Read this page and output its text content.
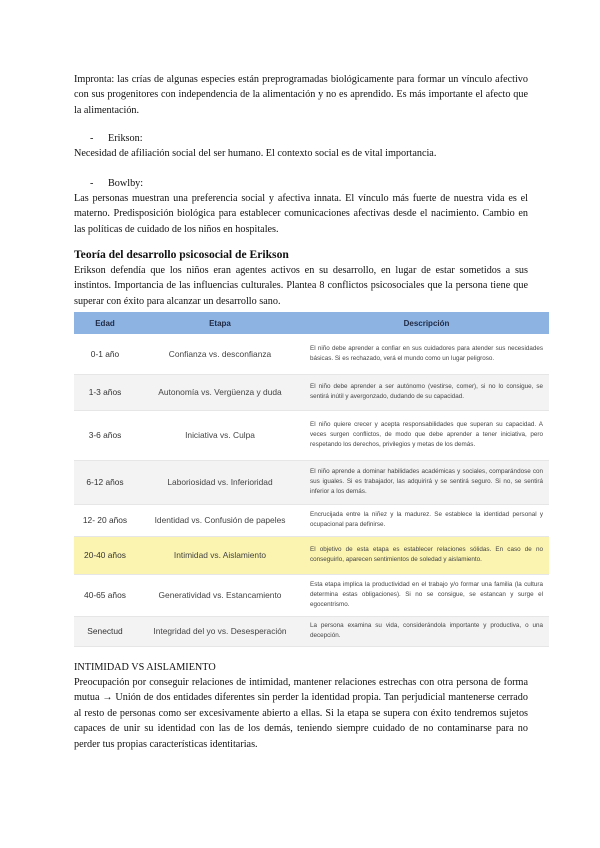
Impronta: las crías de algunas especies están preprogramadas biológicamente para formar un vínculo afectivo con sus progenitores con independencia de la alimentación y no es aprendido. Es más importante el afecto que la alimentación.

- Erikson:

Necesidad de afiliación social del ser humano. El contexto social es de vital importancia.

- Bowlby:

Las personas muestran una preferencia social y afectiva innata. El vínculo más fuerte de nuestra vida es el materno. Predisposición biológica para establecer comunicaciones afectivas desde el nacimiento. Cambio en las políticas de cuidado de los niños en hospitales.

Teoría del desarrollo psicosocial de Erikson

Erikson defendía que los niños eran agentes activos en su desarrollo, en lugar de estar sometidos a sus instintos. Importancia de las influencias culturales. Plantea 8 conflictos psicosociales que la persona tiene que superar con éxito para alcanzar un desarrollo sano.

Edad	Etapa	Descripción
0-1 año	Confianza vs. desconfianza	El niño debe aprender a confiar en sus cuidadores para atender sus necesidades básicas. Si es rechazado, verá el mundo como un lugar peligroso.
1-3 años	Autonomía vs. Vergüenza y duda	El niño debe aprender a ser autónomo (vestirse, comer), si no lo consigue, se sentirá inútil y avergonzado, dudando de su capacidad.
3-6 años	Iniciativa vs. Culpa	El niño quiere crecer y acepta responsabilidades que superan su capacidad. A veces surgen conflictos, de modo que debe aprender a tener iniciativa, pero respetando los derechos, privilegios y metas de los demás.
6-12 años	Laboriosidad vs. Inferioridad	El niño aprende a dominar habilidades académicas y sociales, comparándose con sus iguales. Si es trabajador, las adquirirá y se sentirá seguro. Si no, se sentirá inferior a los demás.
12- 20 años	Identidad vs. Confusión de papeles	Encrucijada entre la niñez y la madurez. Se establece la identidad personal y ocupacional para definirse.
20-40 años	Intimidad vs. Aislamiento	El objetivo de esta etapa es establecer relaciones sólidas. En caso de no conseguirlo, aparecen sentimientos de soledad y aislamiento.
40-65 años	Generatividad vs. Estancamiento	Esta etapa implica la productividad en el trabajo y/o formar una familia (la cultura determina estas obligaciones). Si no se consigue, se estancan y surge el egocentrismo.
Senectud	Integridad del yo vs. Desesperación	La persona examina su vida, considerándola importante y productiva, o una decepción.
INTIMIDAD VS AISLAMIENTO

Preocupación por conseguir relaciones de intimidad, mantener relaciones estrechas con otra persona de forma mutua → Unión de dos entidades diferentes sin perder la identidad propia. Tan perjudicial mantenerse cerrado al resto de personas como ser excesivamente abierto a ellas. Si la etapa se supera con éxito tendremos sujetos capaces de unir su identidad con las de los demás, teniendo siempre cuidado de no contaminarse para no perder tus propias características identitarias.
